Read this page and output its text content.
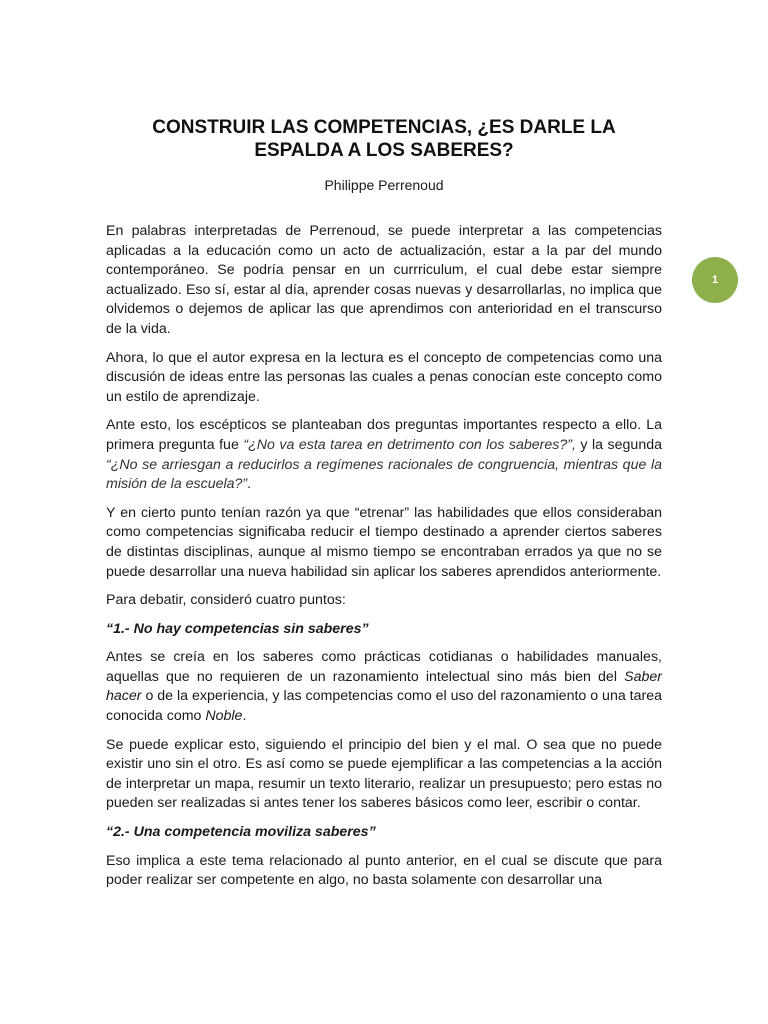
CONSTRUIR LAS COMPETENCIAS, ¿ES DARLE LA
ESPALDA A LOS SABERES?
Philippe Perrenoud
1

En palabras interpretadas de Perrenoud, se puede interpretar a las competencias aplicadas a la educación como un acto de actualización, estar a la par del mundo contemporáneo. Se podría pensar en un currriculum, el cual debe estar siempre actualizado. Eso sí, estar al día, aprender cosas nuevas y desarrollarlas, no implica que olvidemos o dejemos de aplicar las que aprendimos con anterioridad en el transcurso de la vida.

Ahora, lo que el autor expresa en la lectura es el concepto de competencias como una discusión de ideas entre las personas las cuales a penas conocían este concepto como un estilo de aprendizaje.

Ante esto, los escépticos se planteaban dos preguntas importantes respecto a ello. La primera pregunta fue “¿No va esta tarea en detrimento con los saberes?”, y la segunda “¿No se arriesgan a reducirlos a regímenes racionales de congruencia, mientras que la misión de la escuela?”.

Y en cierto punto tenían razón ya que “etrenar” las habilidades que ellos consideraban como competencias significaba reducir el tiempo destinado a aprender ciertos saberes de distintas disciplinas, aunque al mismo tiempo se encontraban errados ya que no se puede desarrollar una nueva habilidad sin aplicar los saberes aprendidos anteriormente.

Para debatir, consideró cuatro puntos:

“1.- No hay competencias sin saberes”

Antes se creía en los saberes como prácticas cotidianas o habilidades manuales, aquellas que no requieren de un razonamiento intelectual sino más bien del Saber hacer o de la experiencia, y las competencias como el uso del razonamiento o una tarea conocida como Noble.

Se puede explicar esto, siguiendo el principio del bien y el mal. O sea que no puede existir uno sin el otro. Es así como se puede ejemplificar a las competencias a la acción de interpretar un mapa, resumir un texto literario, realizar un presupuesto; pero estas no pueden ser realizadas si antes tener los saberes básicos como leer, escribir o contar.

“2.- Una competencia moviliza saberes”

Eso implica a este tema relacionado al punto anterior, en el cual se discute que para poder realizar ser competente en algo, no basta solamente con desarrollar una
